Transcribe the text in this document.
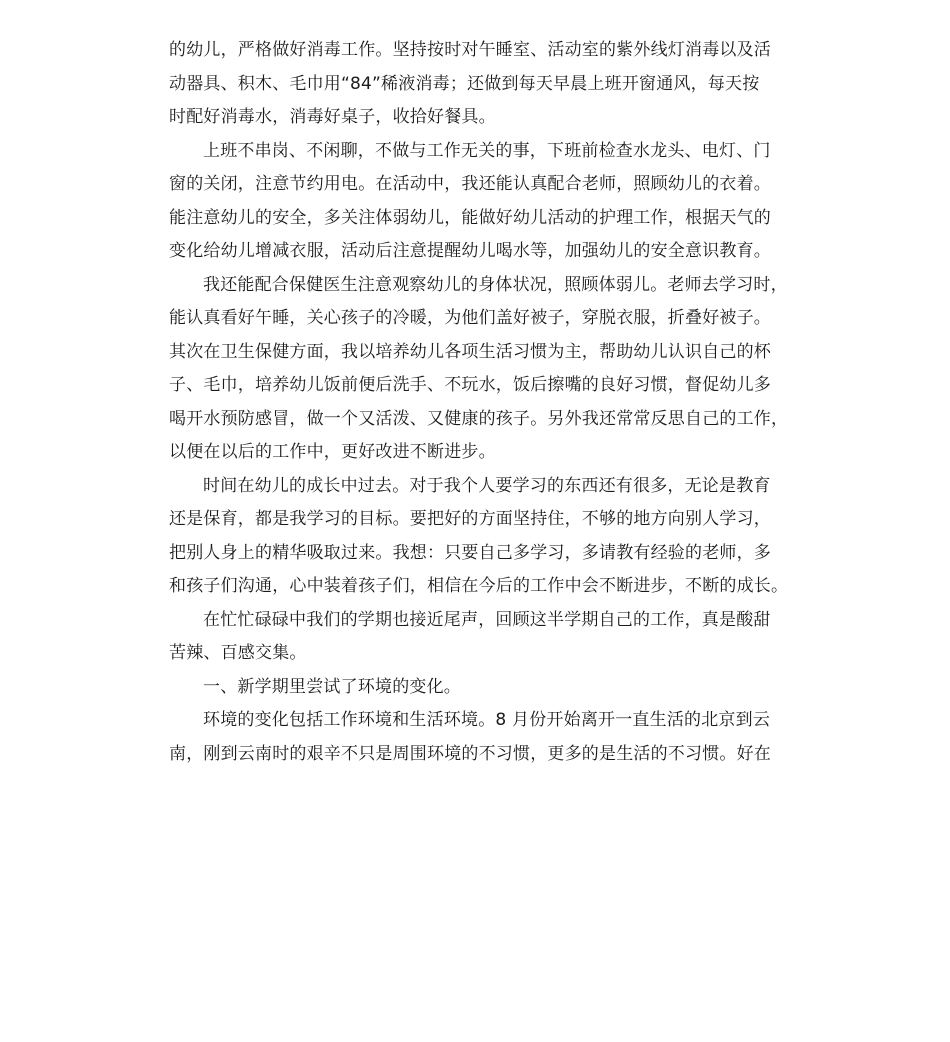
的幼儿，严格做好消毒工作。坚持按时对午睡室、活动室的紫外线灯消毒以及活
动器具、积木、毛巾用“84”稀液消毒；还做到每天早晨上班开窗通风，每天按
时配好消毒水，消毒好桌子，收拾好餐具。
上班不串岗、不闲聊，不做与工作无关的事，下班前检查水龙头、电灯、门
窗的关闭，注意节约用电。在活动中，我还能认真配合老师，照顾幼儿的衣着。
能注意幼儿的安全，多关注体弱幼儿，能做好幼儿活动的护理工作，根据天气的
变化给幼儿增减衣服，活动后注意提醒幼儿喝水等，加强幼儿的安全意识教育。
我还能配合保健医生注意观察幼儿的身体状况，照顾体弱儿。老师去学习时，
能认真看好午睡，关心孩子的冷暖，为他们盖好被子，穿脱衣服，折叠好被子。
其次在卫生保健方面，我以培养幼儿各项生活习惯为主，帮助幼儿认识自己的杯
子、毛巾，培养幼儿饭前便后洗手、不玩水，饭后擦嘴的良好习惯，督促幼儿多
喝开水预防感冒，做一个又活泼、又健康的孩子。另外我还常常反思自己的工作，
以便在以后的工作中，更好改进不断进步。
时间在幼儿的成长中过去。对于我个人要学习的东西还有很多，无论是教育
还是保育，都是我学习的目标。要把好的方面坚持住，不够的地方向别人学习，
把别人身上的精华吸取过来。我想：只要自己多学习，多请教有经验的老师，多
和孩子们沟通，心中装着孩子们，相信在今后的工作中会不断进步，不断的成长。
在忙忙碌碌中我们的学期也接近尾声，回顾这半学期自己的工作，真是酸甜
苦辣、百感交集。
一、新学期里尝试了环境的变化。
环境的变化包括工作环境和生活环境。8 月份开始离开一直生活的北京到云
南，刚到云南时的艰辛不只是周围环境的不习惯，更多的是生活的不习惯。好在
